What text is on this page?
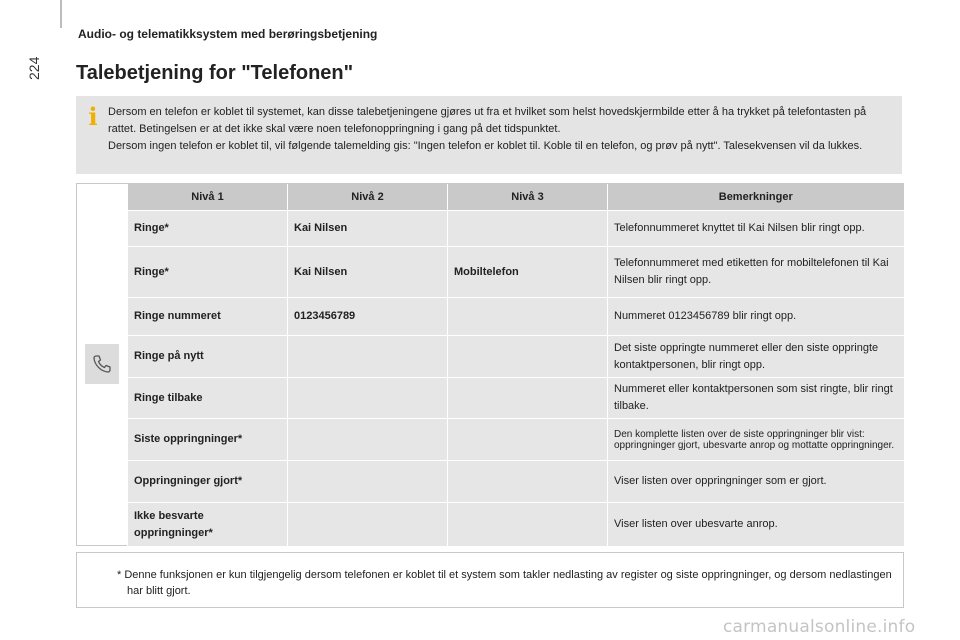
224
Audio- og telematikksystem med berøringsbetjening
Talebetjening for "Telefonen"
i Dersom en telefon er koblet til systemet, kan disse talebetjeningene gjøres ut fra et hvilket som helst hovedskjermbilde etter å ha trykket på telefontasten på rattet. Betingelsen er at det ikke skal være noen telefonoppringning i gang på det tidspunktet.

Dersom ingen telefon er koblet til, vil følgende talemelding gis: "Ingen telefon er koblet til. Koble til en telefon, og prøv på nytt". Talesekvensen vil da lukkes.

Nivå 1	Nivå 2	Nivå 3	Bemerkninger
Ringe*	Kai Nilsen		Telefonnummeret knyttet til Kai Nilsen blir ringt opp.
Ringe*	Kai Nilsen	Mobiltelefon	Telefonnummeret med etiketten for mobiltelefonen til Kai Nilsen blir ringt opp.
Ringe nummeret	0123456789		Nummeret 0123456789 blir ringt opp.
Ringe på nytt			Det siste oppringte nummeret eller den siste oppringte kontaktpersonen, blir ringt opp.
Ringe tilbake			Nummeret eller kontaktpersonen som sist ringte, blir ringt tilbake.
Siste oppringninger*			Den komplette listen over de siste oppringninger blir vist: oppringninger gjort, ubesvarte anrop og mottatte oppringninger.
Oppringninger gjort*			Viser listen over oppringninger som er gjort.
Ikke besvarte oppringninger*			Viser listen over ubesvarte anrop.
* Denne funksjonen er kun tilgjengelig dersom telefonen er koblet til et system som takler nedlasting av register og siste oppringninger, og dersom nedlastingen har blitt gjort.
carmanualsonline.info
